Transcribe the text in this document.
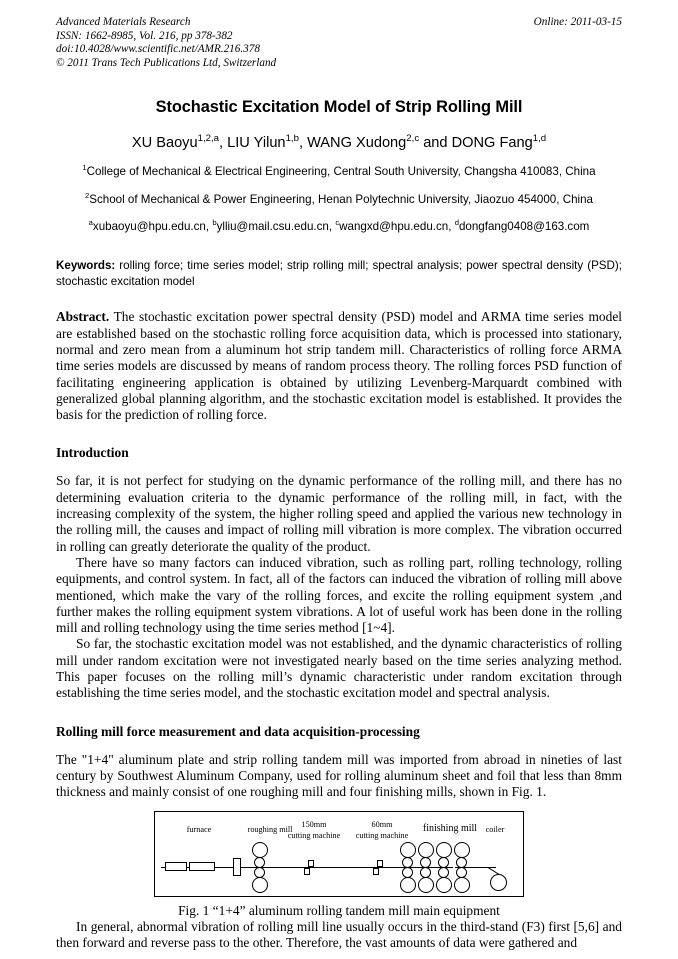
Advanced Materials Research
ISSN: 1662-8985, Vol. 216, pp 378-382
doi:10.4028/www.scientific.net/AMR.216.378
© 2011 Trans Tech Publications Ltd, Switzerland
Online: 2011-03-15
Stochastic Excitation Model of Strip Rolling Mill
XU Baoyu$^{1,2,a}$, LIU Yilun$^{1,b}$, WANG Xudong$^{2,c}$ and DONG Fang$^{1,d}$
$^1$College of Mechanical & Electrical Engineering, Central South University, Changsha 410083, China
$^2$School of Mechanical & Power Engineering, Henan Polytechnic University, Jiaozuo 454000, China
$^a$xubaoyu@hpu.edu.cn, $^b$ylliu@mail.csu.edu.cn, $^c$wangxd@hpu.edu.cn, $^d$dongfang0408@163.com
Keywords: rolling force; time series model; strip rolling mill; spectral analysis; power spectral density (PSD); stochastic excitation model
Abstract. The stochastic excitation power spectral density (PSD) model and ARMA time series model are established based on the stochastic rolling force acquisition data, which is processed into stationary, normal and zero mean from a aluminum hot strip tandem mill. Characteristics of rolling force ARMA time series models are discussed by means of random process theory. The rolling forces PSD function of facilitating engineering application is obtained by utilizing Levenberg-Marquardt combined with generalized global planning algorithm, and the stochastic excitation model is established. It provides the basis for the prediction of rolling force.
Introduction

So far, it is not perfect for studying on the dynamic performance of the rolling mill, and there has no determining evaluation criteria to the dynamic performance of the rolling mill, in fact, with the increasing complexity of the system, the higher rolling speed and applied the various new technology in the rolling mill, the causes and impact of rolling mill vibration is more complex. The vibration occurred in rolling can greatly deteriorate the quality of the product.

There have so many factors can induced vibration, such as rolling part, rolling technology, rolling equipments, and control system. In fact, all of the factors can induced the vibration of rolling mill above mentioned, which make the vary of the rolling forces, and excite the rolling equipment system ,and further makes the rolling equipment system vibrations. A lot of useful work has been done in the rolling mill and rolling technology using the time series method [1~4].

So far, the stochastic excitation model was not established, and the dynamic characteristics of rolling mill under random excitation were not investigated nearly based on the time series analyzing method. This paper focuses on the rolling mill’s dynamic characteristic under random excitation through establishing the time series model, and the stochastic excitation model and spectral analysis.

Rolling mill force measurement and data acquisition-processing

The "1+4" aluminum plate and strip rolling tandem mill was imported from abroad in nineties of last century by Southwest Aluminum Company, used for rolling aluminum sheet and foil that less than 8mm thickness and mainly consist of one roughing mill and four finishing mills, shown in Fig. 1.

furnace	roughing mill
150mm
cutting machine
60mm
cutting machine
finishing mill	coiler
Fig. 1 “1+4” aluminum rolling tandem mill main equipment

In general, abnormal vibration of rolling mill line usually occurs in the third-stand (F3) first [5,6] and then forward and reverse pass to the other. Therefore, the vast amounts of data were gathered and
